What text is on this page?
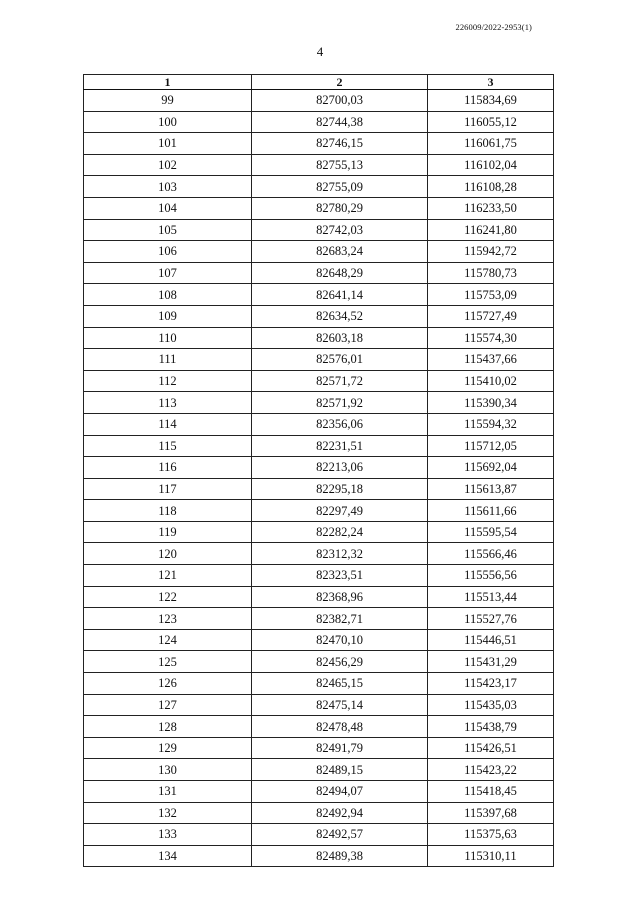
226009/2022-2953(1)
4
1	2	3
99	82700,03	115834,69
100	82744,38	116055,12
101	82746,15	116061,75
102	82755,13	116102,04
103	82755,09	116108,28
104	82780,29	116233,50
105	82742,03	116241,80
106	82683,24	115942,72
107	82648,29	115780,73
108	82641,14	115753,09
109	82634,52	115727,49
110	82603,18	115574,30
111	82576,01	115437,66
112	82571,72	115410,02
113	82571,92	115390,34
114	82356,06	115594,32
115	82231,51	115712,05
116	82213,06	115692,04
117	82295,18	115613,87
118	82297,49	115611,66
119	82282,24	115595,54
120	82312,32	115566,46
121	82323,51	115556,56
122	82368,96	115513,44
123	82382,71	115527,76
124	82470,10	115446,51
125	82456,29	115431,29
126	82465,15	115423,17
127	82475,14	115435,03
128	82478,48	115438,79
129	82491,79	115426,51
130	82489,15	115423,22
131	82494,07	115418,45
132	82492,94	115397,68
133	82492,57	115375,63
134	82489,38	115310,11
